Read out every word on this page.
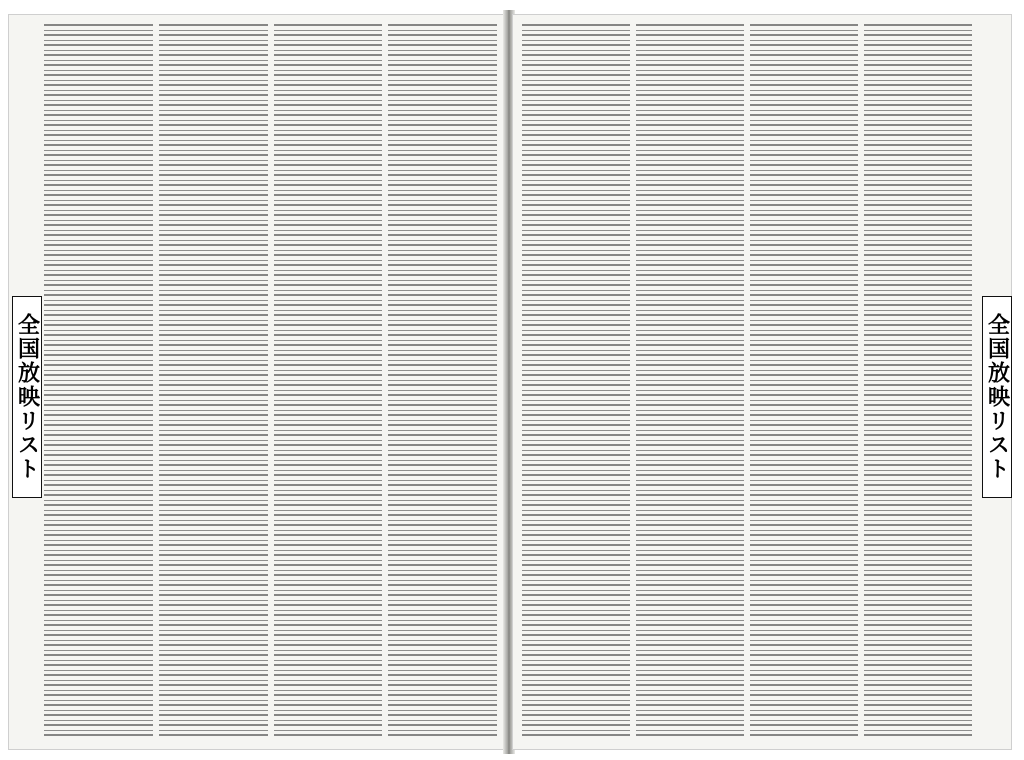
全国放映リスト	全国放映リスト
